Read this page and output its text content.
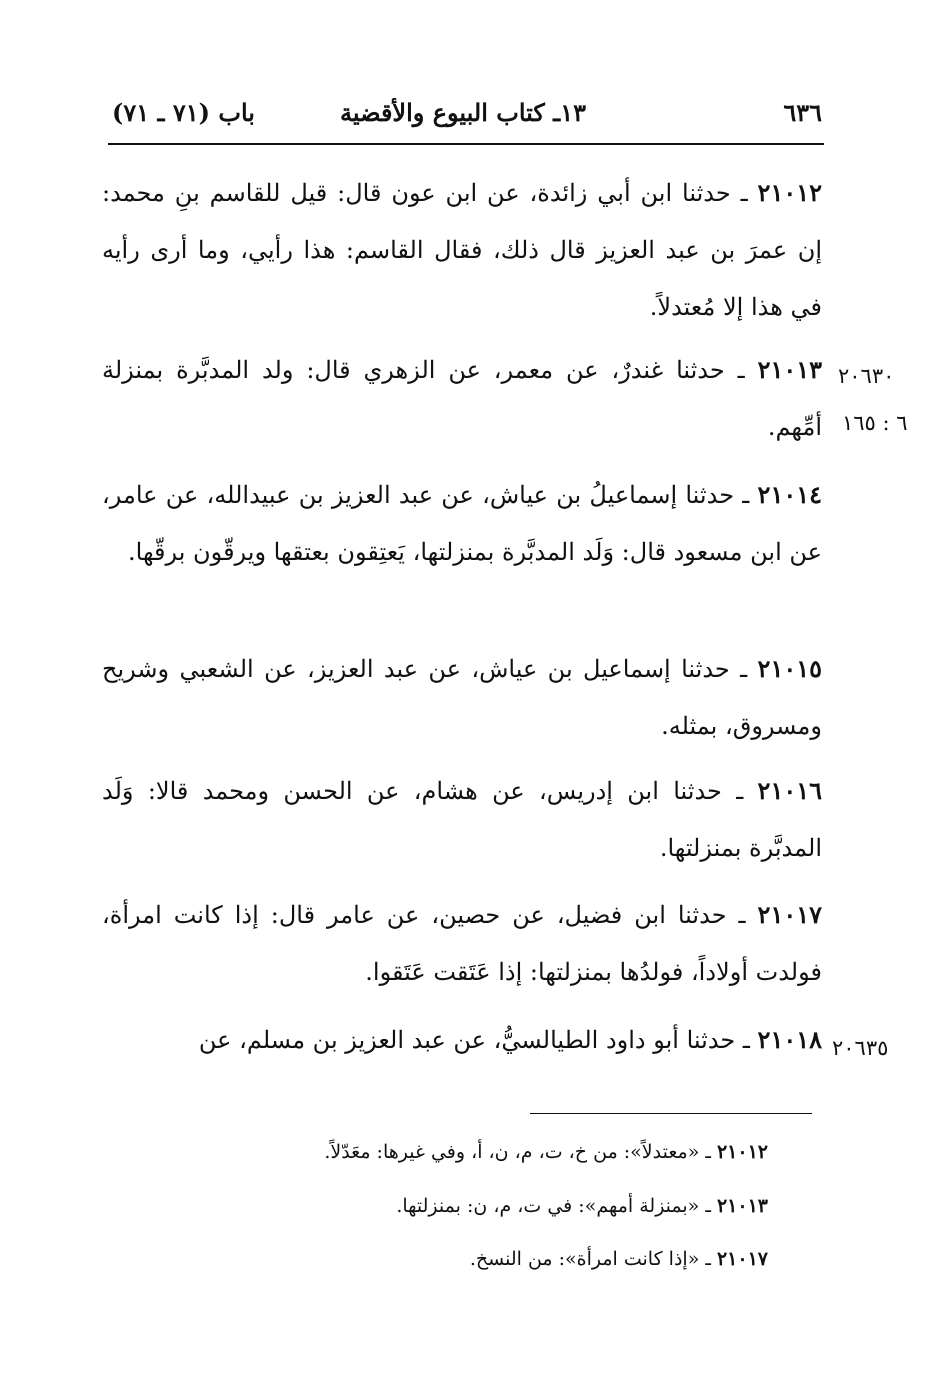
٦٣٦
١٣ـ كتاب البيوع والأقضية
باب (٧١ ـ ٧١)

٢١٠١٢ ـ حدثنا ابن أبي زائدة، عن ابن عون قال: قيل للقاسم بنِ محمد: إن عمرَ بن عبد العزيز قال ذلك، فقال القاسم: هذا رأيي، وما أرى رأيه في هذا إلا مُعتدلاً.

٢١٠١٣ ـ حدثنا غندرٌ، عن معمر، عن الزهري قال: ولد المدبَّرة بمنزلة أمِّهم.

٢١٠١٤ ـ حدثنا إسماعيلُ بن عياش، عن عبد العزيز بن عبيدالله، عن عامر، عن ابن مسعود قال: وَلَد المدبَّرة بمنزلتها، يَعتِقون بعتقها ويرقّون برقّها.

٢١٠١٥ ـ حدثنا إسماعيل بن عياش، عن عبد العزيز، عن الشعبي وشريح ومسروق، بمثله.

٢١٠١٦ ـ حدثنا ابن إدريس، عن هشام، عن الحسن ومحمد قالا: وَلَد المدبَّرة بمنزلتها.

٢١٠١٧ ـ حدثنا ابن فضيل، عن حصين، عن عامر قال: إذا كانت امرأة، فولدت أولاداً، فولدُها بمنزلتها: إذا عَتَقت عَتَقوا.

٢١٠١٨ ـ حدثنا أبو داود الطيالسيُّ، عن عبد العزيز بن مسلم، عن

٢٠٦٣٠
٦ : ١٦٥
٢٠٦٣٥

٢١٠١٢ ـ «معتدلاً»: من خ، ت، م، ن، أ، وفي غيرها: معَدّلاً.

٢١٠١٣ ـ «بمنزلة أمهم»: في ت، م، ن: بمنزلتها.

٢١٠١٧ ـ «إذا كانت امرأة»: من النسخ.
